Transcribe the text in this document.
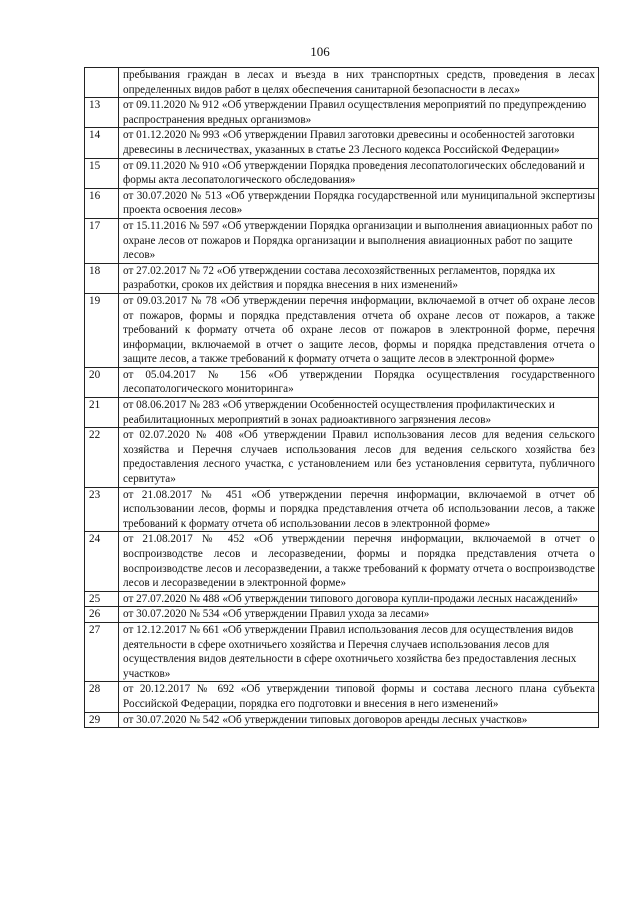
106
	пребывания граждан в лесах и въезда в них транспортных средств, проведения в лесах определенных видов работ в целях обеспечения санитарной безопасности в лесах»
13	от 09.11.2020 № 912 «Об утверждении Правил осуществления мероприятий по предупреждению распространения вредных организмов»
14	от 01.12.2020 № 993 «Об утверждении Правил заготовки древесины и особенностей заготовки древесины в лесничествах, указанных в статье 23 Лесного кодекса Российской Федерации»
15	от 09.11.2020 № 910 «Об утверждении Порядка проведения лесопатологических обследований и формы акта лесопатологического обследования»
16	от 30.07.2020 № 513 «Об утверждении Порядка государственной или муниципальной экспертизы проекта освоения лесов»
17	от 15.11.2016 № 597 «Об утверждении Порядка организации и выполнения авиационных работ по охране лесов от пожаров и Порядка организации и выполнения авиационных работ по защите лесов»
18	от 27.02.2017 № 72 «Об утверждении состава лесохозяйственных регламентов, порядка их разработки, сроков их действия и порядка внесения в них изменений»
19	от 09.03.2017 № 78 «Об утверждении перечня информации, включаемой в отчет об охране лесов от пожаров, формы и порядка представления отчета об охране лесов от пожаров, а также требований к формату отчета об охране лесов от пожаров в электронной форме, перечня информации, включаемой в отчет о защите лесов, формы и порядка представления отчета о защите лесов, а также требований к формату отчета о защите лесов в электронной форме»
20	от 05.04.2017 № 156 «Об утверждении Порядка осуществления государственного лесопатологического мониторинга»
21	от 08.06.2017 № 283 «Об утверждении Особенностей осуществления профилактических и реабилитационных мероприятий в зонах радиоактивного загрязнения лесов»
22	от 02.07.2020 № 408 «Об утверждении Правил использования лесов для ведения сельского хозяйства и Перечня случаев использования лесов для ведения сельского хозяйства без предоставления лесного участка, с установлением или без установления сервитута, публичного сервитута»
23	от 21.08.2017 № 451 «Об утверждении перечня информации, включаемой в отчет об использовании лесов, формы и порядка представления отчета об использовании лесов, а также требований к формату отчета об использовании лесов в электронной форме»
24	от 21.08.2017 № 452 «Об утверждении перечня информации, включаемой в отчет о воспроизводстве лесов и лесоразведении, формы и порядка представления отчета о воспроизводстве лесов и лесоразведении, а также требований к формату отчета о воспроизводстве лесов и лесоразведении в электронной форме»
25	от 27.07.2020 № 488 «Об утверждении типового договора купли-продажи лесных насаждений»
26	от 30.07.2020 № 534 «Об утверждении Правил ухода за лесами»
27	от 12.12.2017 № 661 «Об утверждении Правил использования лесов для осуществления видов деятельности в сфере охотничьего хозяйства и Перечня случаев использования лесов для осуществления видов деятельности в сфере охотничьего хозяйства без предоставления лесных участков»
28	от 20.12.2017 № 692 «Об утверждении типовой формы и состава лесного плана субъекта Российской Федерации, порядка его подготовки и внесения в него изменений»
29	от 30.07.2020 № 542 «Об утверждении типовых договоров аренды лесных участков»
